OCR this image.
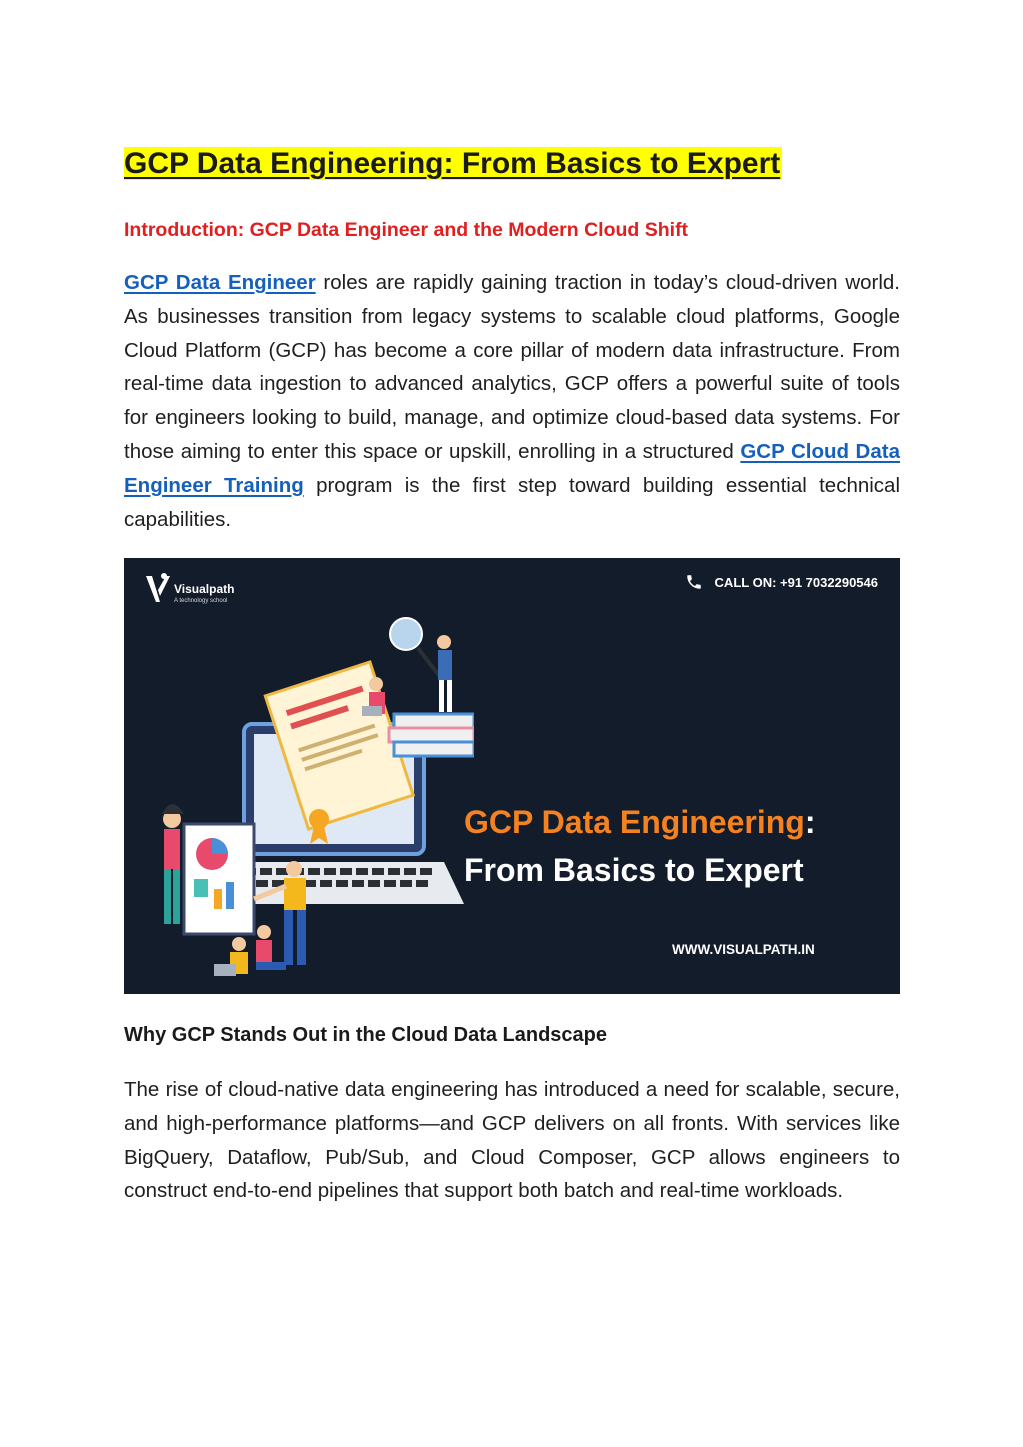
GCP Data Engineering: From Basics to Expert
Introduction: GCP Data Engineer and the Modern Cloud Shift

GCP Data Engineer roles are rapidly gaining traction in today’s cloud-driven world. As businesses transition from legacy systems to scalable cloud platforms, Google Cloud Platform (GCP) has become a core pillar of modern data infrastructure. From real-time data ingestion to advanced analytics, GCP offers a powerful suite of tools for engineers looking to build, manage, and optimize cloud-based data systems. For those aiming to enter this space or upskill, enrolling in a structured GCP Cloud Data Engineer Training program is the first step toward building essential technical capabilities.

Visualpath
A technology school
CALL ON: +91 7032290546
GCP Data Engineering:
From Basics to Expert
WWW.VISUALPATH.IN
Why GCP Stands Out in the Cloud Data Landscape

The rise of cloud-native data engineering has introduced a need for scalable, secure, and high-performance platforms—and GCP delivers on all fronts. With services like BigQuery, Dataflow, Pub/Sub, and Cloud Composer, GCP allows engineers to construct end-to-end pipelines that support both batch and real-time workloads.
